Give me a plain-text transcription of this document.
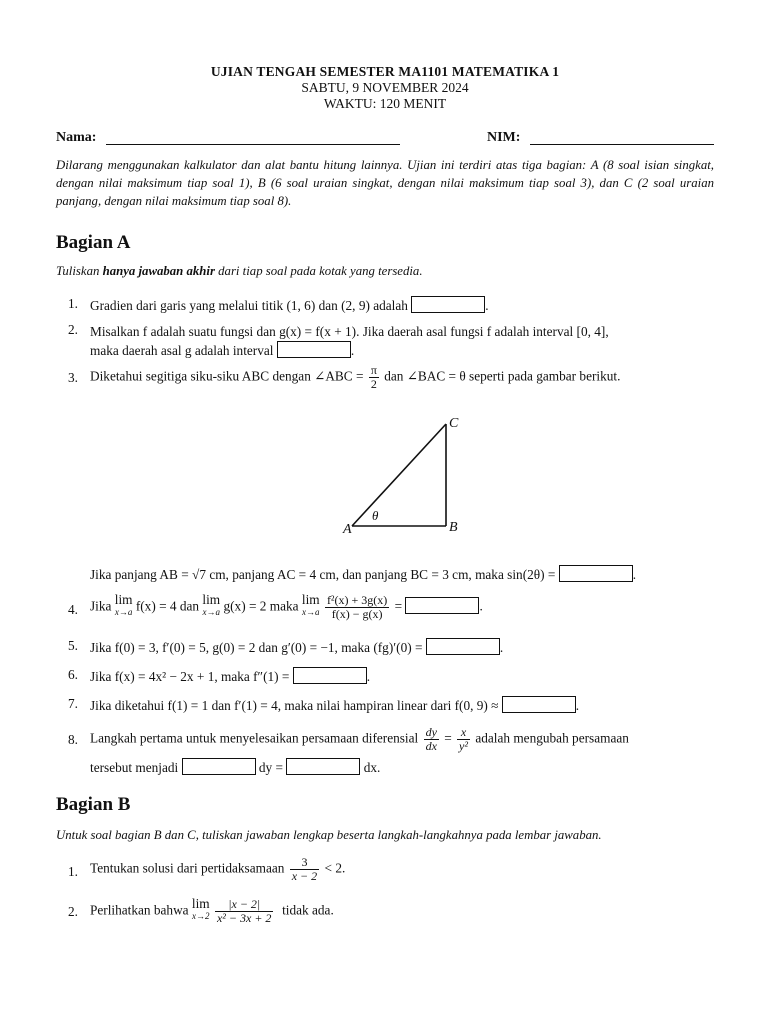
UJIAN TENGAH SEMESTER MA1101 MATEMATIKA 1
SABTU, 9 NOVEMBER 2024
WAKTU: 120 MENIT
Nama:	NIM:
Dilarang menggunakan kalkulator dan alat bantu hitung lainnya. Ujian ini terdiri atas tiga bagian: A (8 soal isian singkat, dengan nilai maksimum tiap soal 1), B (6 soal uraian singkat, dengan nilai maksimum tiap soal 3), dan C (2 soal uraian panjang, dengan nilai maksimum tiap soal 8).
Bagian A
Tuliskan hanya jawaban akhir dari tiap soal pada kotak yang tersedia.
1. Gradien dari garis yang melalui titik (1, 6) dan (2, 9) adalah	.
2. Misalkan f adalah suatu fungsi dan g(x) = f(x + 1). Jika daerah asal fungsi f adalah interval [0, 4],
maka daerah asal g adalah interval	.
3. Diketahui segitiga siku-siku ABC dengan ∠ABC = $\frac{\pi}{2}$ dan ∠BAC = θ seperti pada gambar berikut.
A	B
C
θ
Jika panjang AB = √7 cm, panjang AC = 4 cm, dan panjang BC = 3 cm, maka sin(2θ) =	.
4. Jika lim
x→a f(x) = 4 dan lim
x→a g(x) = 2 maka lim
x→a
$\frac{\text{f²(x) + 3g(x)}}{f(x) - g(x)}$ =	.
5. Jika f(0) = 3, f′(0) = 5, g(0) = 2 dan g′(0) = −1, maka (fg)′(0) =	.
6. Jika f(x) = 4x² − 2x + 1, maka f″(1) =	.
7. Jika diketahui f(1) = 1 dan f′(1) = 4, maka nilai hampiran linear dari f(0, 9) ≈	.
8. Langkah pertama untuk menyelesaikan persamaan diferensial $\frac{dy}{dx} = \frac{x}{\text{y²}}$ adalah mengubah persamaan
tersebut menjadi	dy =	dx.
Bagian B
Untuk soal bagian B dan C, tuliskan jawaban lengkap beserta langkah-langkahnya pada lembar jawaban.
1. Tentukan solusi dari pertidaksamaan $\frac{3}{x - 2} < 2$.
2. Perlihatkan bahwa lim
x→2
$\frac{|x - 2|}{\text{x² − 3x + 2}}$ tidak ada.
